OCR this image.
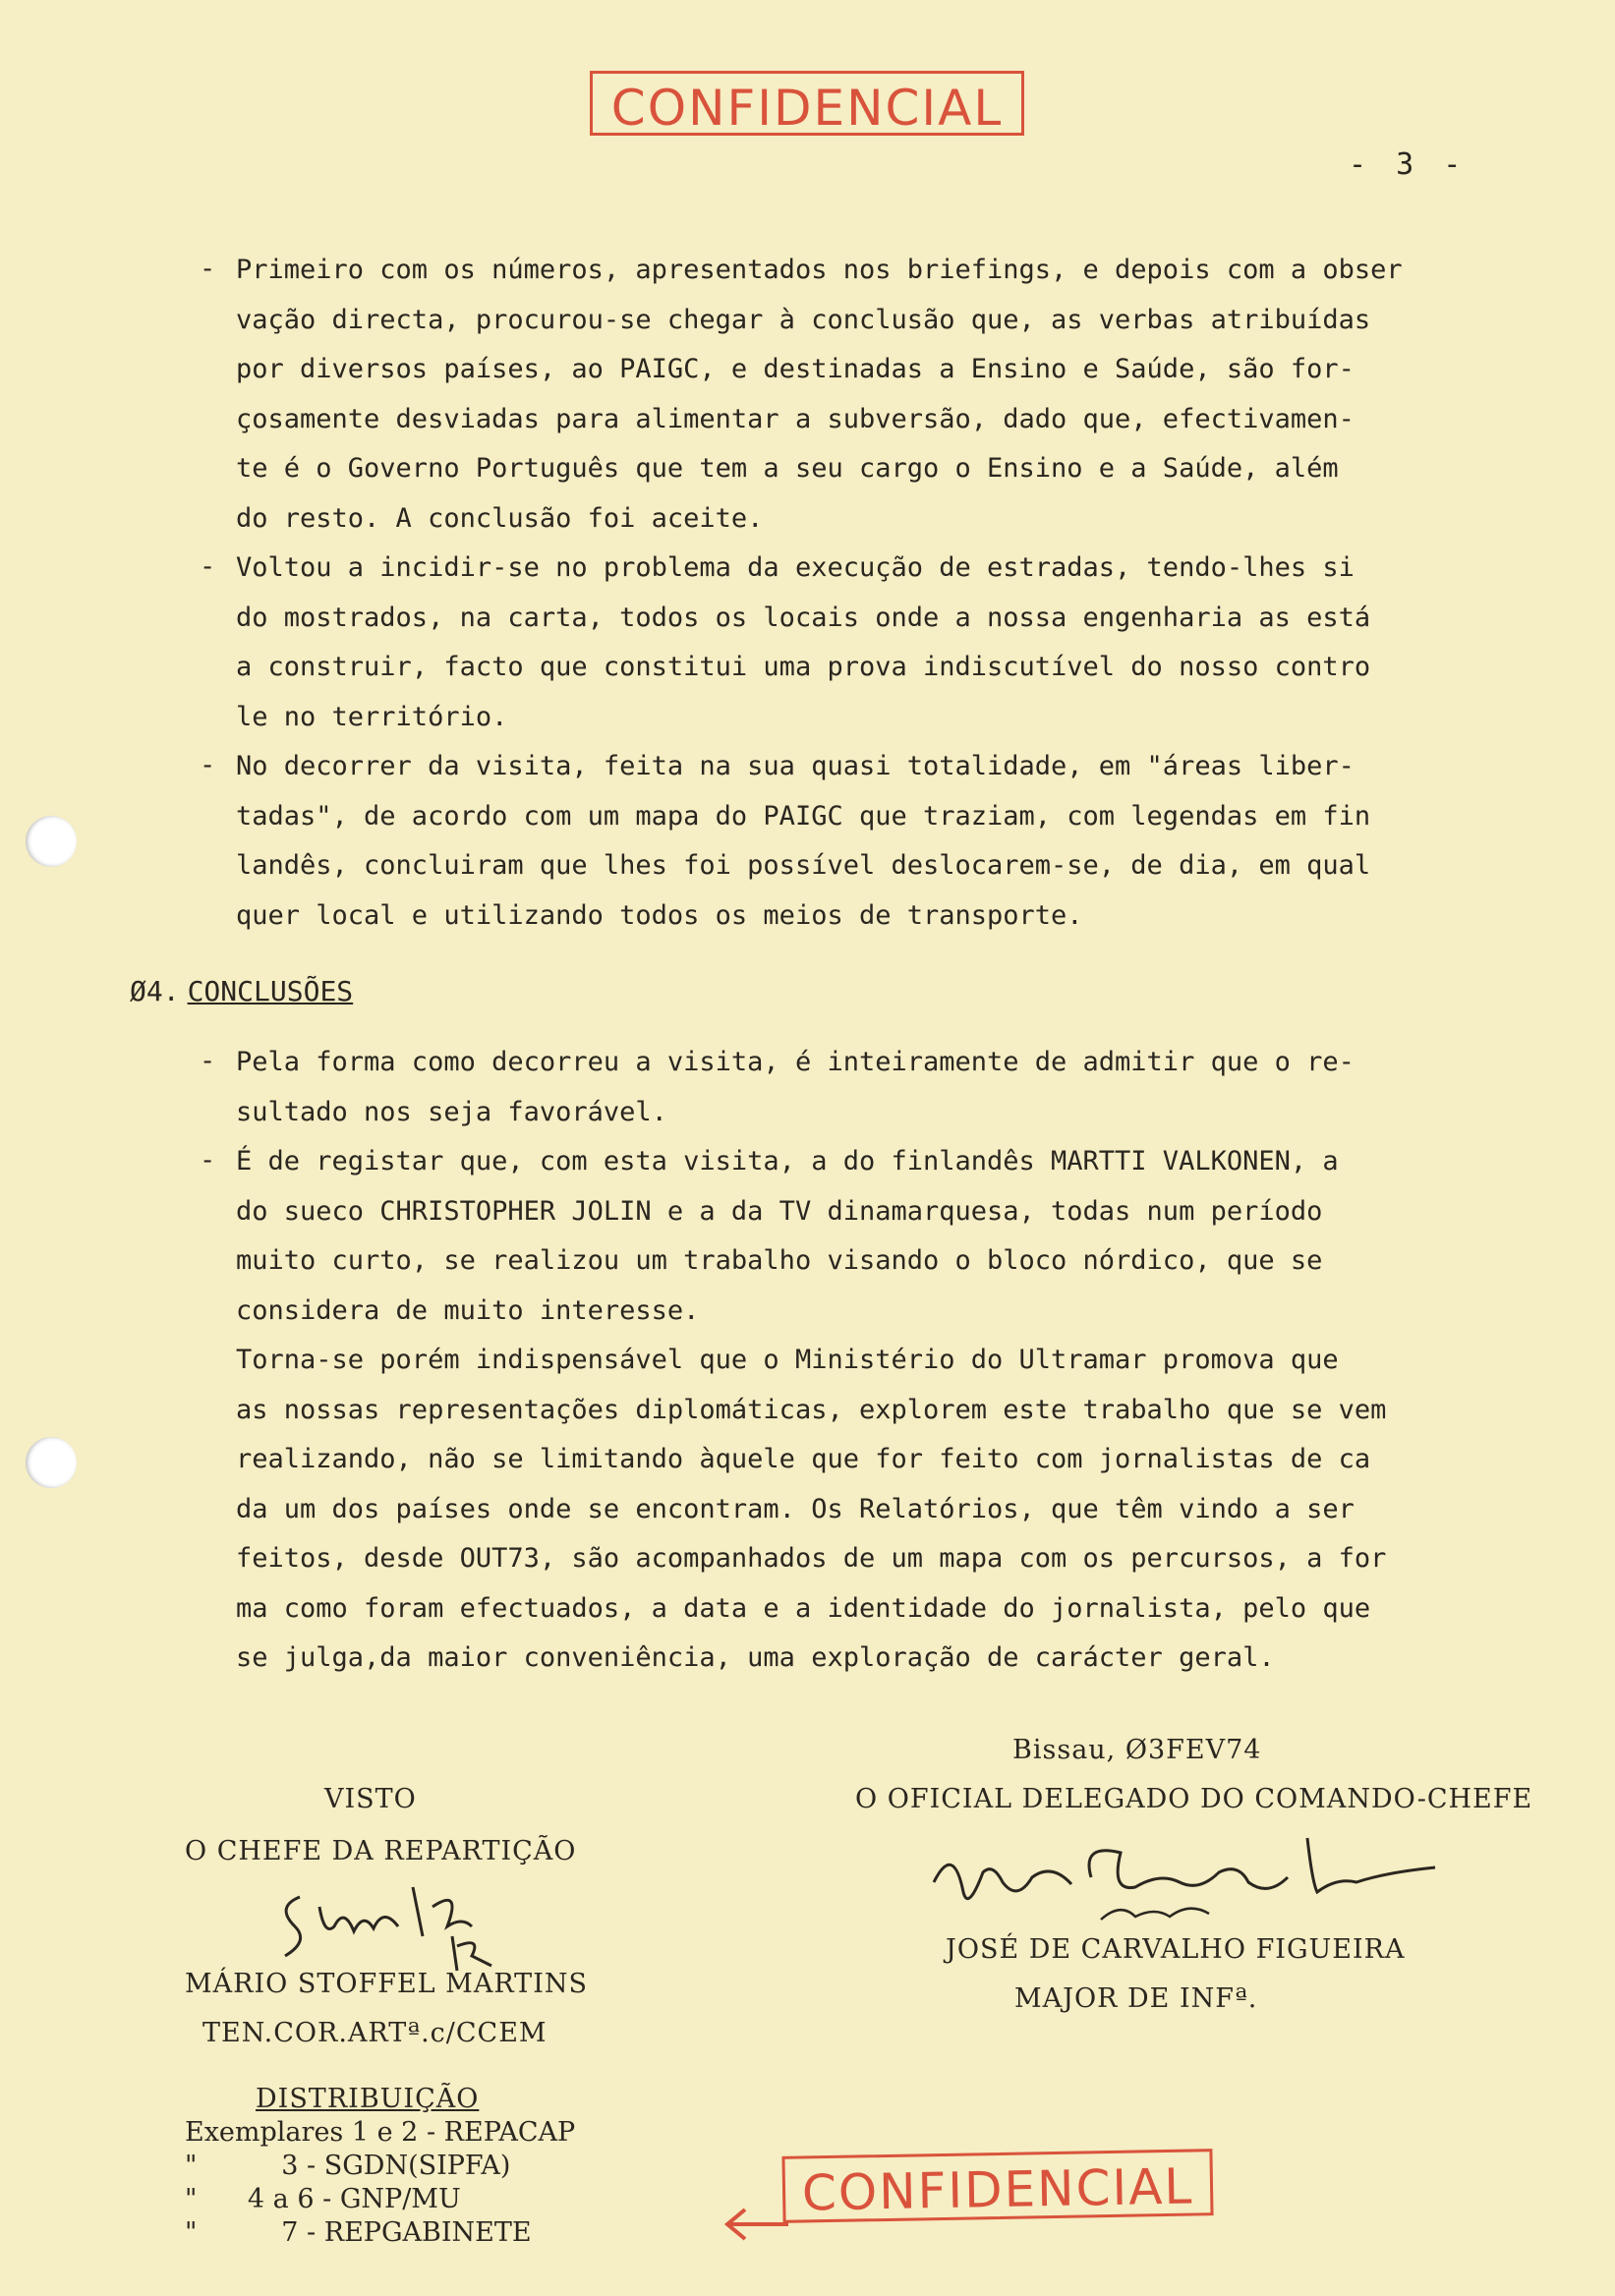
CONFIDENCIAL
- 3 -
- Primeiro com os números, apresentados nos briefings, e depois com a obser
vação directa, procurou-se chegar à conclusão que, as verbas atribuídas
por diversos países, ao PAIGC, e destinadas a Ensino e Saúde, são for-
çosamente desviadas para alimentar a subversão, dado que, efectivamen-
te é o Governo Português que tem a seu cargo o Ensino e a Saúde, além
do resto. A conclusão foi aceite.
- Voltou a incidir-se no problema da execução de estradas, tendo-lhes si
do mostrados, na carta, todos os locais onde a nossa engenharia as está
a construir, facto que constitui uma prova indiscutível do nosso contro
le no território.
- No decorrer da visita, feita na sua quasi totalidade, em "áreas liber-
tadas", de acordo com um mapa do PAIGC que traziam, com legendas em fin
landês, concluiram que lhes foi possível deslocarem-se, de dia, em qual
quer local e utilizando todos os meios de transporte.
Ø4. CONCLUSÕES
- Pela forma como decorreu a visita, é inteiramente de admitir que o re-
sultado nos seja favorável.
- É de registar que, com esta visita, a do finlandês MARTTI VALKONEN, a
do sueco CHRISTOPHER JOLIN e a da TV dinamarquesa, todas num período
muito curto, se realizou um trabalho visando o bloco nórdico, que se
considera de muito interesse.
Torna-se porém indispensável que o Ministério do Ultramar promova que
as nossas representações diplomáticas, explorem este trabalho que se vem
realizando, não se limitando àquele que for feito com jornalistas de ca
da um dos países onde se encontram. Os Relatórios, que têm vindo a ser
feitos, desde OUT73, são acompanhados de um mapa com os percursos, a for
ma como foram efectuados, a data e a identidade do jornalista, pelo que
se julga,da maior conveniência, uma exploração de carácter geral.
Bissau, Ø3FEV74
O OFICIAL DELEGADO DO COMANDO-CHEFE
JOSÉ DE CARVALHO FIGUEIRA
MAJOR DE INFª.
VISTO
O CHEFE DA REPARTIÇÃO
MÁRIO STOFFEL MARTINS
TEN.COR.ARTª.c/CCEM
DISTRIBUIÇÃO
Exemplares 1 e 2 - REPACAP
"          3 - SGDN(SIPFA)
"      4 a 6 - GNP/MU
"          7 - REPGABINETE
CONFIDENCIAL
